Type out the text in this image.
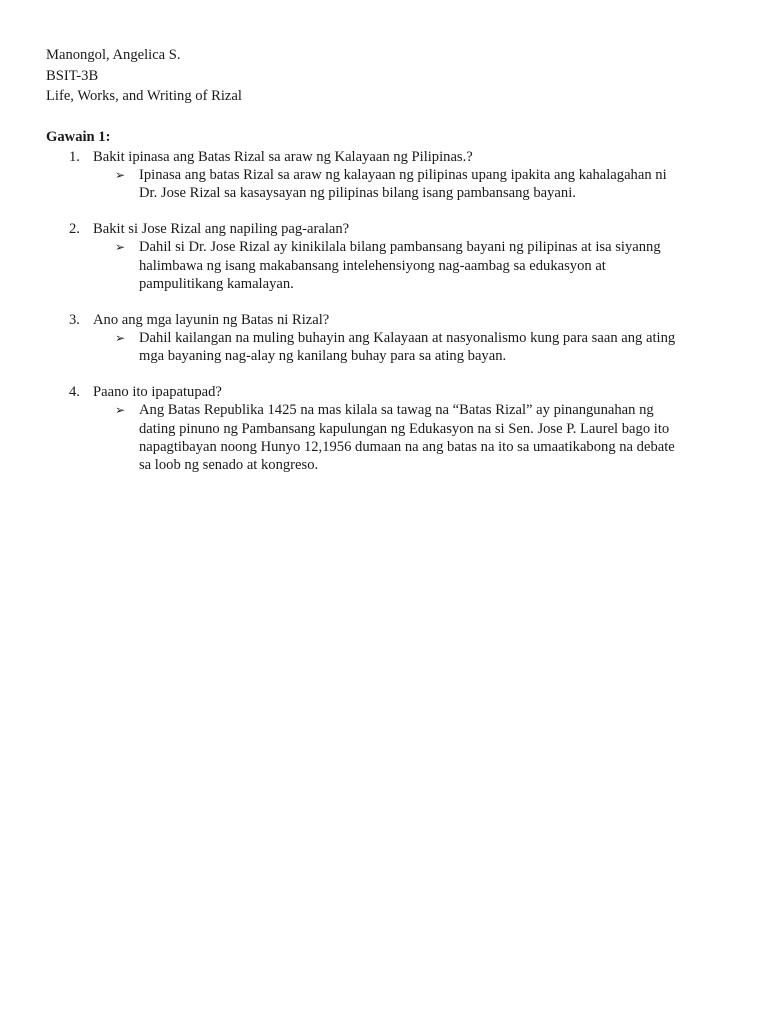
Manongol, Angelica S.
BSIT-3B
Life, Works, and Writing of Rizal
Gawain 1:
1. Bakit ipinasa ang Batas Rizal sa araw ng Kalayaan ng Pilipinas.?
➢ Ipinasa ang batas Rizal sa araw ng kalayaan ng pilipinas upang ipakita ang kahalagahan ni
Dr. Jose Rizal sa kasaysayan ng pilipinas bilang isang pambansang bayani.
2. Bakit si Jose Rizal ang napiling pag-aralan?
➢ Dahil si Dr. Jose Rizal ay kinikilala bilang pambansang bayani ng pilipinas at isa siyanng
halimbawa ng isang makabansang intelehensiyong nag-aambag sa edukasyon at
pampulitikang kamalayan.
3. Ano ang mga layunin ng Batas ni Rizal?
➢ Dahil kailangan na muling buhayin ang Kalayaan at nasyonalismo kung para saan ang ating
mga bayaning nag-alay ng kanilang buhay para sa ating bayan.
4. Paano ito ipapatupad?
➢ Ang Batas Republika 1425 na mas kilala sa tawag na “Batas Rizal” ay pinangunahan ng
dating pinuno ng Pambansang kapulungan ng Edukasyon na si Sen. Jose P. Laurel bago ito
napagtibayan noong Hunyo 12,1956 dumaan na ang batas na ito sa umaatikabong na debate
sa loob ng senado at kongreso.
